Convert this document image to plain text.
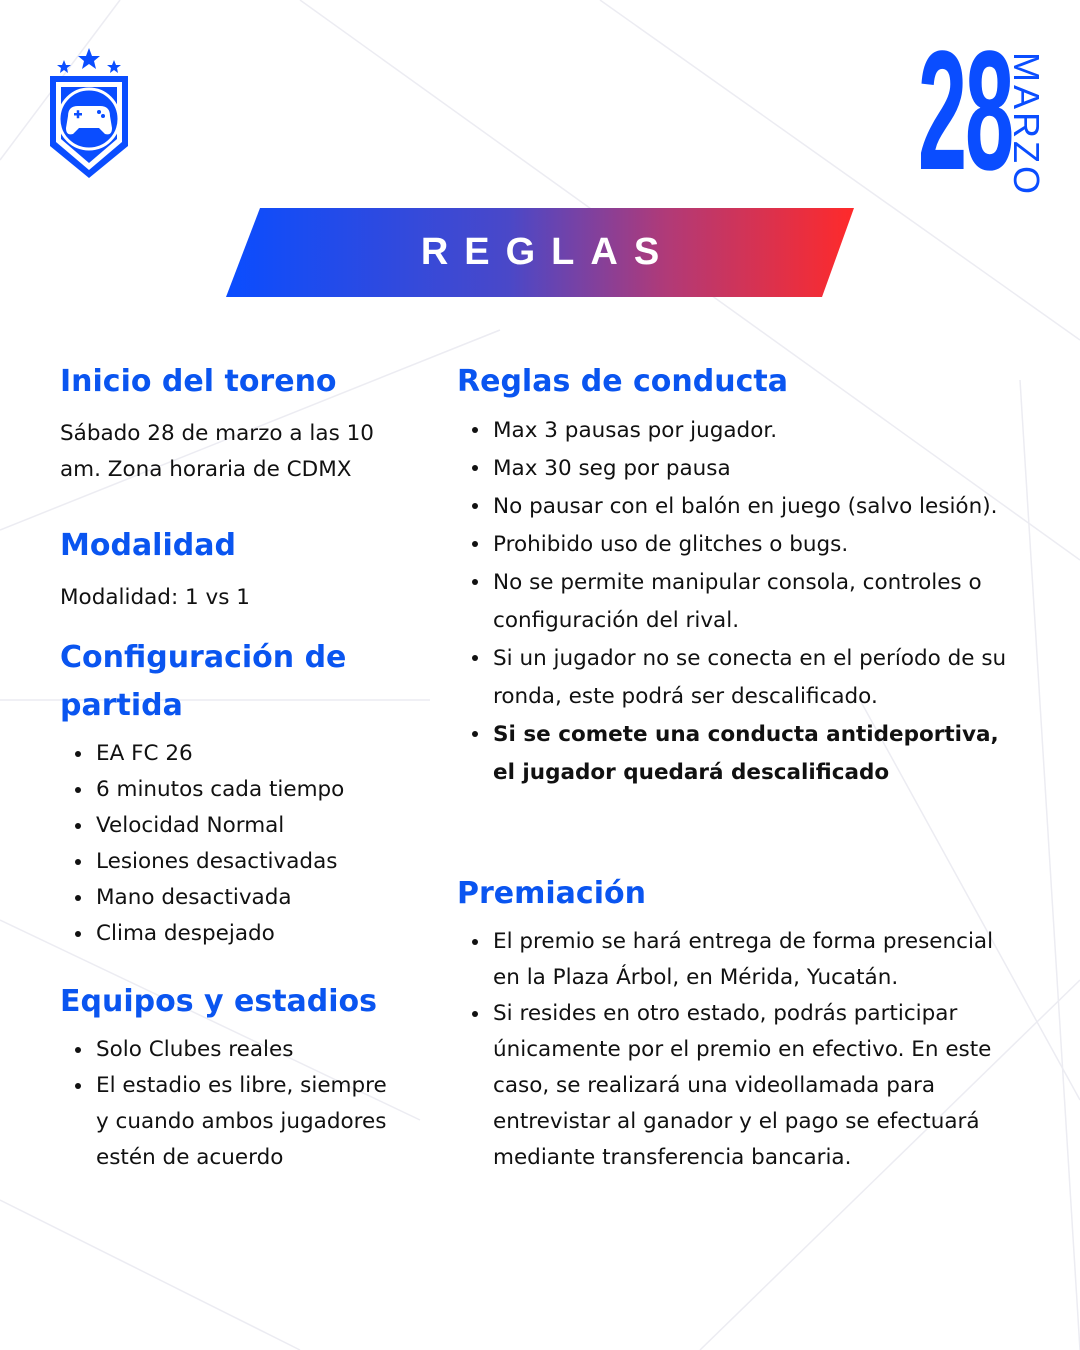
28
MARZO
REGLAS
Inicio del toreno

Sábado 28 de marzo a las 10 am. Zona horaria de CDMX

Modalidad

Modalidad: 1 vs 1

Configuración de partida
EA FC 26
6 minutos cada tiempo
Velocidad Normal
Lesiones desactivadas
Mano desactivada
Clima despejado
Equipos y estadios
Solo Clubes reales
El estadio es libre, siempre y cuando ambos jugadores estén de acuerdo
Reglas de conducta
Max 3 pausas por jugador.
Max 30 seg por pausa
No pausar con el balón en juego (salvo lesión).
Prohibido uso de glitches o bugs.
No se permite manipular consola, controles o configuración del rival.
Si un jugador no se conecta en el período de su ronda, este podrá ser descalificado.
Si se comete una conducta antideportiva, el jugador quedará descalificado
Premiación
El premio se hará entrega de forma presencial en la Plaza Árbol, en Mérida, Yucatán.
Si resides en otro estado, podrás participar únicamente por el premio en efectivo. En este caso, se realizará una videollamada para entrevistar al ganador y el pago se efectuará mediante transferencia bancaria.
